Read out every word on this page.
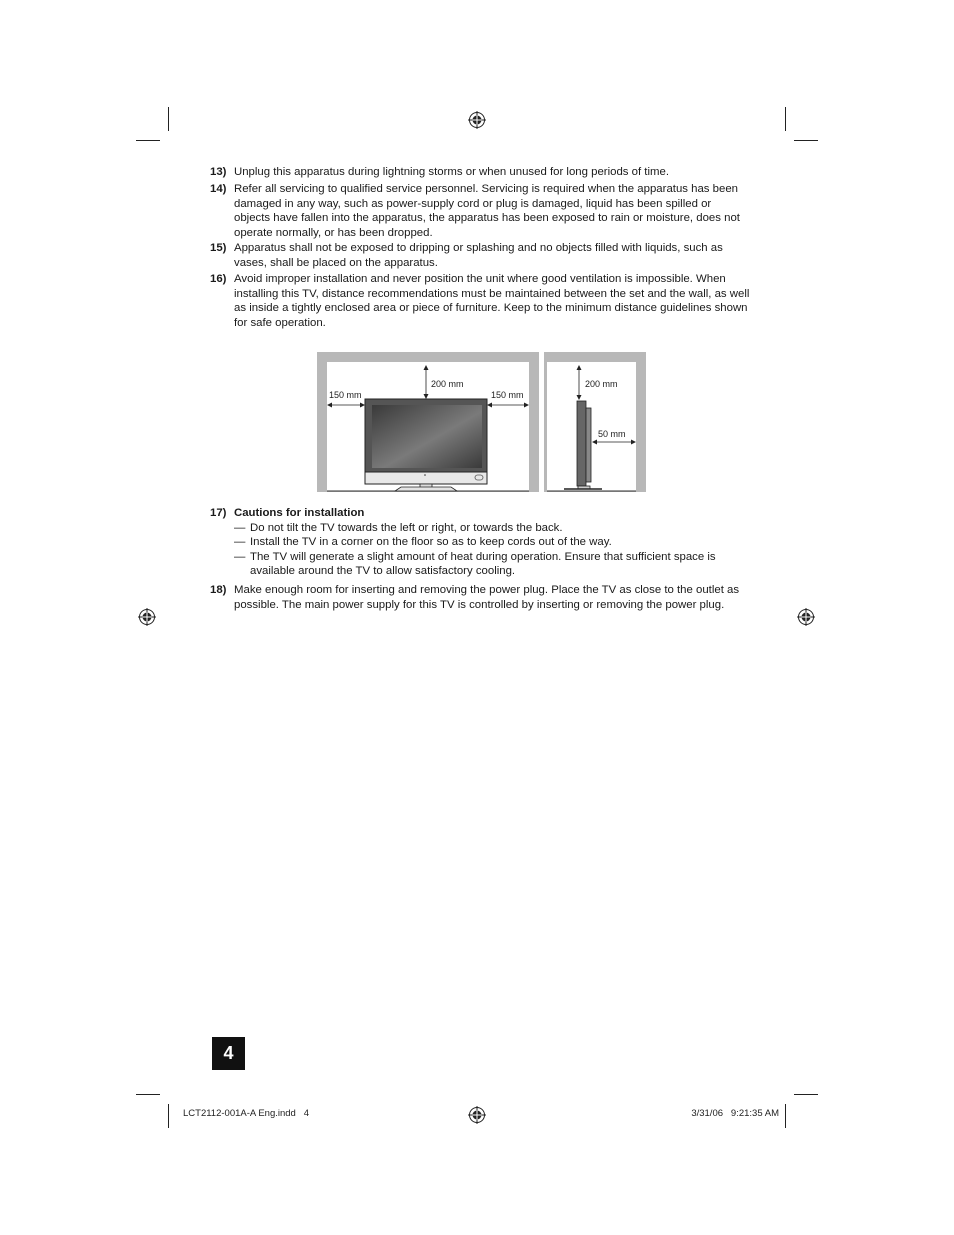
13) Unplug this apparatus during lightning storms or when unused for long periods of time.
14) Refer all servicing to qualified service personnel. Servicing is required when the apparatus has been damaged in any way, such as power-supply cord or plug is damaged, liquid has been spilled or objects have fallen into the apparatus, the apparatus has been exposed to rain or moisture, does not operate normally, or has been dropped.
15) Apparatus shall not be exposed to dripping or splashing and no objects filled with liquids, such as vases, shall be placed on the apparatus.
16) Avoid improper installation and never position the unit where good ventilation is impossible. When installing this TV, distance recommendations must be maintained between the set and the wall, as well as inside a tightly enclosed area or piece of furniture. Keep to the minimum distance guidelines shown for safe operation.
200 mm
150 mm	150 mm
200 mm
50 mm
17) Cautions for installation
— Do not tilt the TV towards the left or right, or towards the back.
— Install the TV in a corner on the floor so as to keep cords out of the way.
— The TV will generate a slight amount of heat during operation. Ensure that sufficient space is available around the TV to allow satisfactory cooling.
18) Make enough room for inserting and removing the power plug. Place the TV as close to the outlet as possible. The main power supply for this TV is controlled by inserting or removing the power plug.
4
LCT2112-001A-A Eng.indd   4	3/31/06   9:21:35 AM
